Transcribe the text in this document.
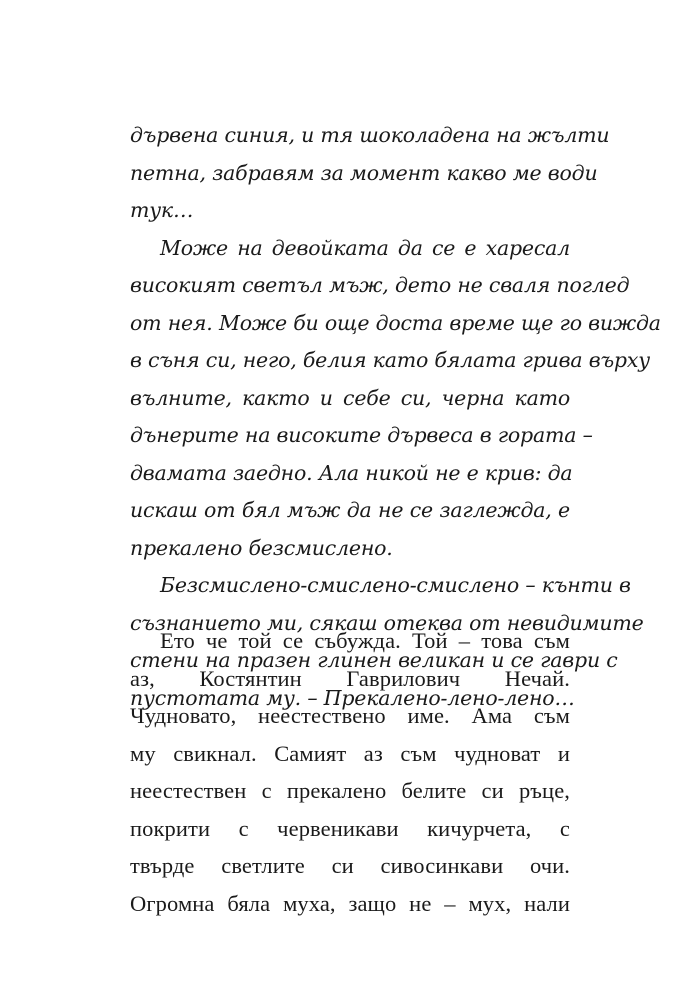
дървена синия, и тя шоколадена на жълти
петна, забравям за момент какво ме води
тук…

Може на девойката да се е харесал
високият светъл мъж, дето не сваля поглед
от нея. Може би още доста време ще го вижда
в съня си, него, белия като бялата грива върху
вълните, както и себе си, черна като
дънерите на високите дървеса в гората –
двамата заедно. Ала никой не е крив: да
искаш от бял мъж да не се заглежда, е
прекалено безсмислено.

Безсмислено-смислено-смислено – кънти в
съзнанието ми, сякаш отеква от невидимите
стени на празен глинен великан и се гаври с
пустотата му. – Прекалено-лено-лено…

Ето че той се събужда. Той – това съм
аз, Костянтин Гаврилович Нечай.
Чудновато, неестествено име. Ама съм
му свикнал. Самият аз съм чудноват и
неестествен с прекалено белите си ръце,
покрити с червеникави кичурчета, с
твърде светлите си сивосинкави очи.
Огромна бяла муха, защо не – мух, нали
